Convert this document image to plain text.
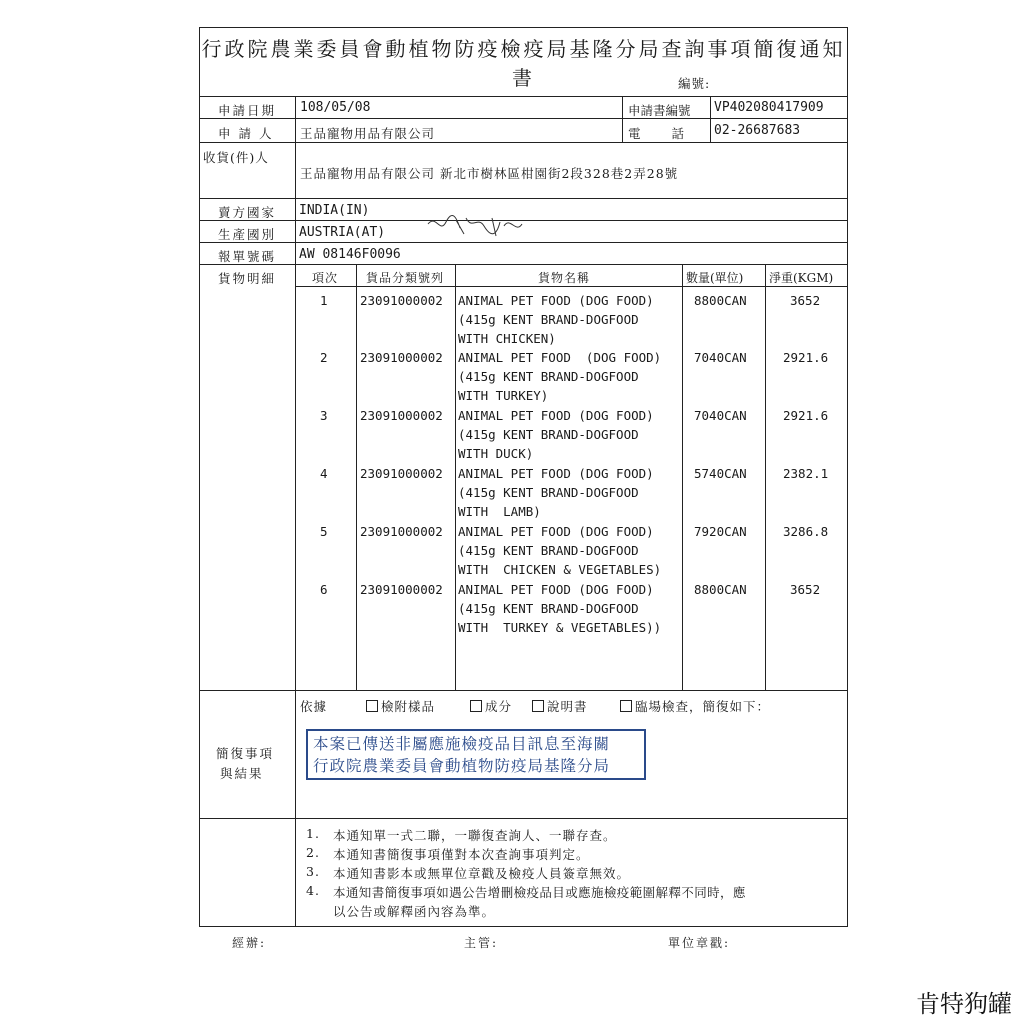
行政院農業委員會動植物防疫檢疫局基隆分局查詢事項簡復通知書	編號:
申請日期 108/05/08	申請書編號 VP402080417909
申 請 人 王品寵物用品有限公司	電　　話 02-26687683
收貨(件)人
王品寵物用品有限公司 新北市樹林區柑園街2段328巷2弄28號
賣方國家 INDIA(IN)
生產國別 AUSTRIA(AT)
報單號碼 AW 08146F0096
貨物明細	項次 貨品分類號列	貨物名稱	數量(單位) 淨重(KGM)
1	23091000002 ANIMAL PET FOOD (DOG FOOD)
(415g KENT BRAND-DOGFOOD
WITH CHICKEN)
8800CAN	3652
2	23091000002 ANIMAL PET FOOD  (DOG FOOD)
(415g KENT BRAND-DOGFOOD
WITH TURKEY)
7040CAN	2921.6
3	23091000002 ANIMAL PET FOOD (DOG FOOD)
(415g KENT BRAND-DOGFOOD
WITH DUCK)
7040CAN	2921.6
4	23091000002 ANIMAL PET FOOD (DOG FOOD)
(415g KENT BRAND-DOGFOOD
WITH  LAMB)
5740CAN	2382.1
5	23091000002 ANIMAL PET FOOD (DOG FOOD)
(415g KENT BRAND-DOGFOOD
WITH  CHICKEN & VEGETABLES)
7920CAN	3286.8
6	23091000002 ANIMAL PET FOOD (DOG FOOD)
(415g KENT BRAND-DOGFOOD
WITH  TURKEY & VEGETABLES))
8800CAN	3652
簡復事項
與結果
依據	檢附樣品	成分	說明書	臨場檢查，簡復如下：
本案已傳送非屬應施檢疫品目訊息至海關
行政院農業委員會動植物防疫局基隆分局
1. 本通知單一式二聯，一聯復查詢人、一聯存查。
2. 本通知書簡復事項僅對本次查詢事項判定。
3. 本通知書影本或無單位章戳及檢疫人員簽章無效。
4. 本通知書簡復事項如遇公告增刪檢疫品目或應施檢疫範圍解釋不同時，應
以公告或解釋函內容為準。
經辦:	主管:	單位章戳:
肯特狗罐
